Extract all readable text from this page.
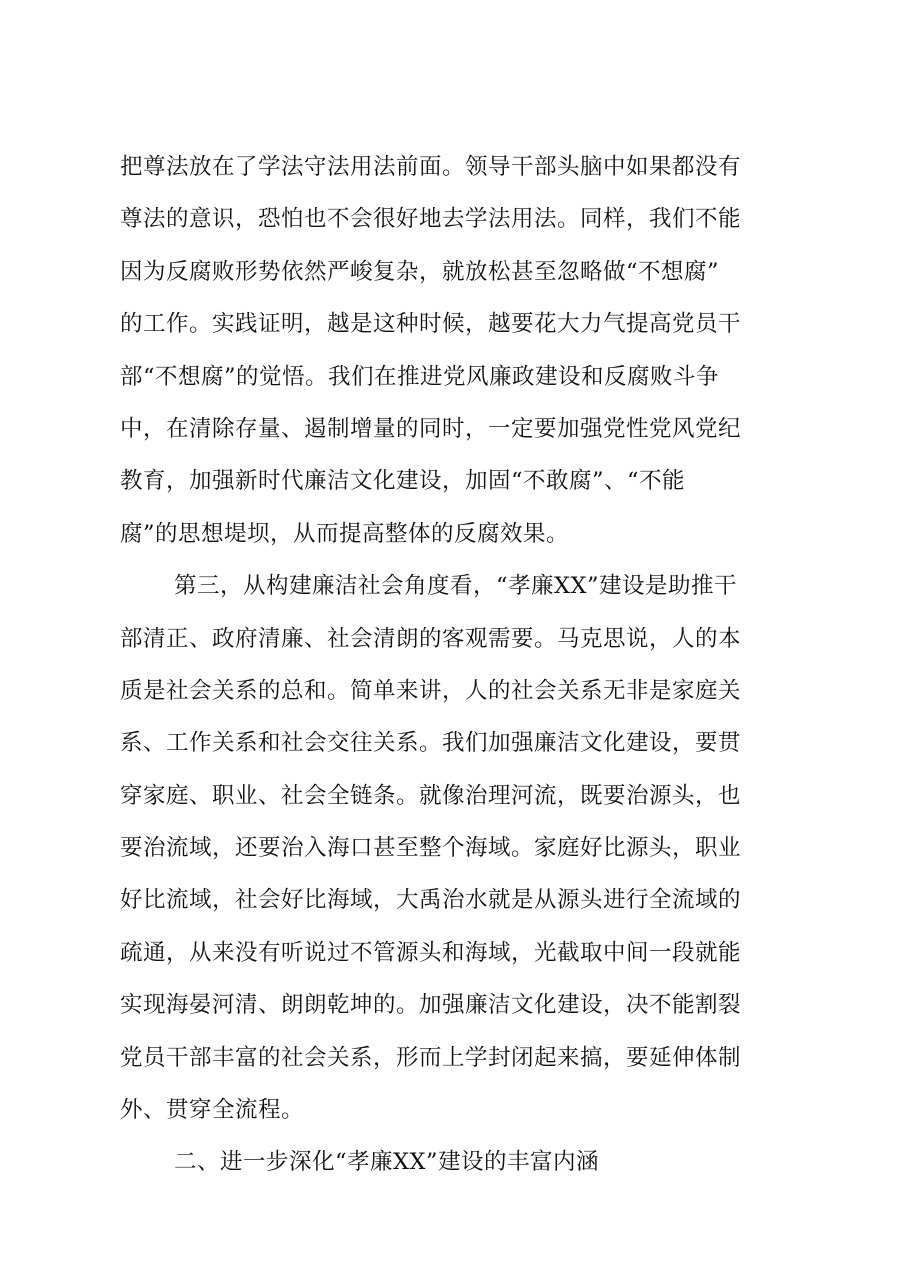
把尊法放在了学法守法用法前面。领导干部头脑中如果都没有
尊法的意识，恐怕也不会很好地去学法用法。同样，我们不能
因为反腐败形势依然严峻复杂，就放松甚至忽略做“不想腐”
的工作。实践证明，越是这种时候，越要花大力气提高党员干
部“不想腐”的觉悟。我们在推进党风廉政建设和反腐败斗争
中，在清除存量、遏制增量的同时，一定要加强党性党风党纪
教育，加强新时代廉洁文化建设，加固“不敢腐”、“不能
腐”的思想堤坝，从而提高整体的反腐效果。
第三，从构建廉洁社会角度看，“孝廉XX”建设是助推干
部清正、政府清廉、社会清朗的客观需要。马克思说，人的本
质是社会关系的总和。简单来讲，人的社会关系无非是家庭关
系、工作关系和社会交往关系。我们加强廉洁文化建设，要贯
穿家庭、职业、社会全链条。就像治理河流，既要治源头，也
要治流域，还要治入海口甚至整个海域。家庭好比源头，职业
好比流域，社会好比海域，大禹治水就是从源头进行全流域的
疏通，从来没有听说过不管源头和海域，光截取中间一段就能
实现海晏河清、朗朗乾坤的。加强廉洁文化建设，决不能割裂
党员干部丰富的社会关系，形而上学封闭起来搞，要延伸体制
外、贯穿全流程。
二、进一步深化“孝廉XX”建设的丰富内涵
